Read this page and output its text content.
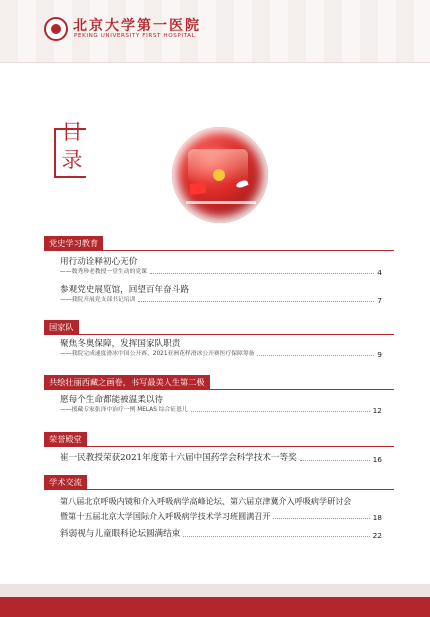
北京大学第一医院
PEKING UNIVERSITY FIRST HOSPITAL
目
录
党史学习教育
用行动诠释初心无价
——数秀珍老教授一堂生动的党课	4
参观党史展览馆，回望百年奋斗路
——我院开展党支部书记培训	7
国家队
聚焦冬奥保障，发挥国家队职责
——我院完成速度滑冰中国公开赛、2021亚洲花样滑冰公开赛医疗保障筹备	9
共绘壮丽西藏之画卷，书写最美人生第二极
愿每个生命都能被温柔以待
——援藏专家张泽中治疗一例 MELAS 综合征患儿	12
荣誉殿堂
崔一民教授荣获2021年度第十六届中国药学会科学技术一等奖	16
学术交流
第八届北京呼吸内镜和介入呼吸病学高峰论坛、第六届京津冀介入呼吸病学研讨会
暨第十五届北京大学国际介入呼吸病学技术学习班圆满召开	18
斜弱视与儿童眼科论坛圆满结束	22
